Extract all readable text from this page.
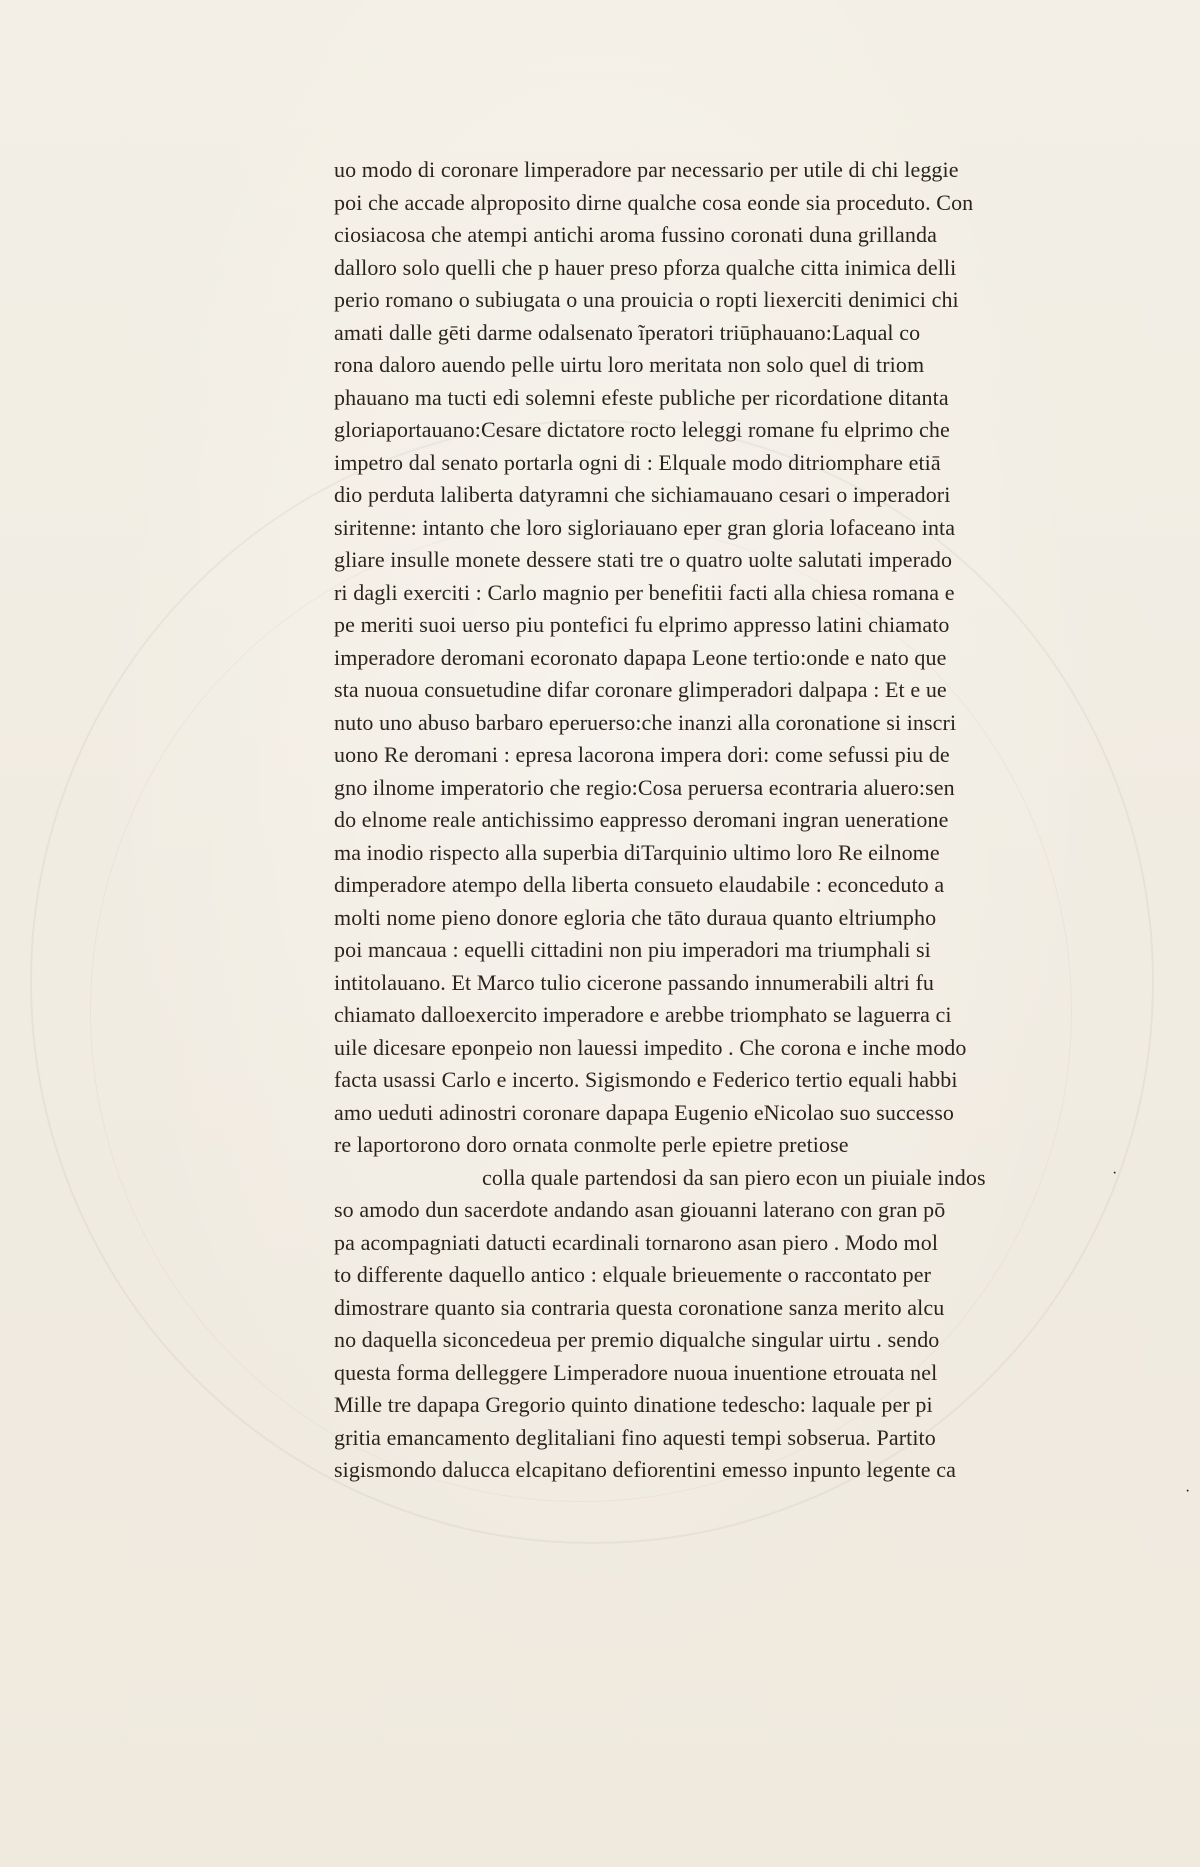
uo modo di coronare limperadore par necessario per utile di chi leggie
poi che accade alproposito dirne qualche cosa eonde sia proceduto. Con
ciosiacosa che atempi antichi aroma fussino coronati duna grillanda
dalloro solo quelli che p hauer preso pforza qualche citta inimica delli
perio romano o subiugata o una prouicia o ropti liexerciti denimici chi
amati dalle gēti darme odalsenato ĩperatori triūphauano:Laqual co
rona daloro auendo pelle uirtu loro meritata non solo quel di triom
phauano ma tucti edi solemni efeste publiche per ricordatione ditanta
gloriaportauano:Cesare dictatore rocto leleggi romane fu elprimo che
impetro dal senato portarla ogni di : Elquale modo ditriomphare etiā
dio perduta laliberta datyramni che sichiamauano cesari o imperadori
siritenne: intanto che loro sigloriauano eper gran gloria lofaceano inta
gliare insulle monete dessere stati tre o quatro uolte salutati imperado
ri dagli exerciti : Carlo magnio per benefitii facti alla chiesa romana e
pe meriti suoi uerso piu pontefici fu elprimo appresso latini chiamato
imperadore deromani ecoronato dapapa Leone tertio:onde e nato que
sta nuoua consuetudine difar coronare glimperadori dalpapa : Et e ue
nuto uno abuso barbaro eperuerso:che inanzi alla coronatione si inscri
uono Re deromani : epresa lacorona impera dori: come sefussi piu de
gno ilnome imperatorio che regio:Cosa peruersa econtraria aluero:sen
do elnome reale antichissimo eappresso deromani ingran ueneratione
ma inodio rispecto alla superbia diTarquinio ultimo loro Re eilnome
dimperadore atempo della liberta consueto elaudabile : econceduto a
molti nome pieno donore egloria che tāto duraua quanto eltriumpho
poi mancaua : equelli cittadini non piu imperadori ma triumphali si
intitolauano. Et Marco tulio cicerone passando innumerabili altri fu
chiamato dalloexercito imperadore e arebbe triomphato se laguerra ci
uile dicesare eponpeio non lauessi impedito . Che corona e inche modo
facta usassi Carlo e incerto. Sigismondo e Federico tertio equali habbi
amo ueduti adinostri coronare dapapa Eugenio eNicolao suo successo
re laportorono doro ornata conmolte perle epietre pretiose
colla quale partendosi da san piero econ un piuiale indos
so amodo dun sacerdote andando asan giouanni laterano con gran pō
pa acompagniati datucti ecardinali tornarono asan piero . Modo mol
to differente daquello antico : elquale brieuemente o raccontato per
dimostrare quanto sia contraria questa coronatione sanza merito alcu
no daquella siconcedeua per premio diqualche singular uirtu . sendo
questa forma delleggere Limperadore nuoua inuentione etrouata nel
Mille tre dapapa Gregorio quinto dinatione tedescho: laquale per pi
gritia emancamento deglitaliani fino aquesti tempi sobserua. Partito
sigismondo dalucca elcapitano defiorentini emesso inpunto legente ca
·
·
